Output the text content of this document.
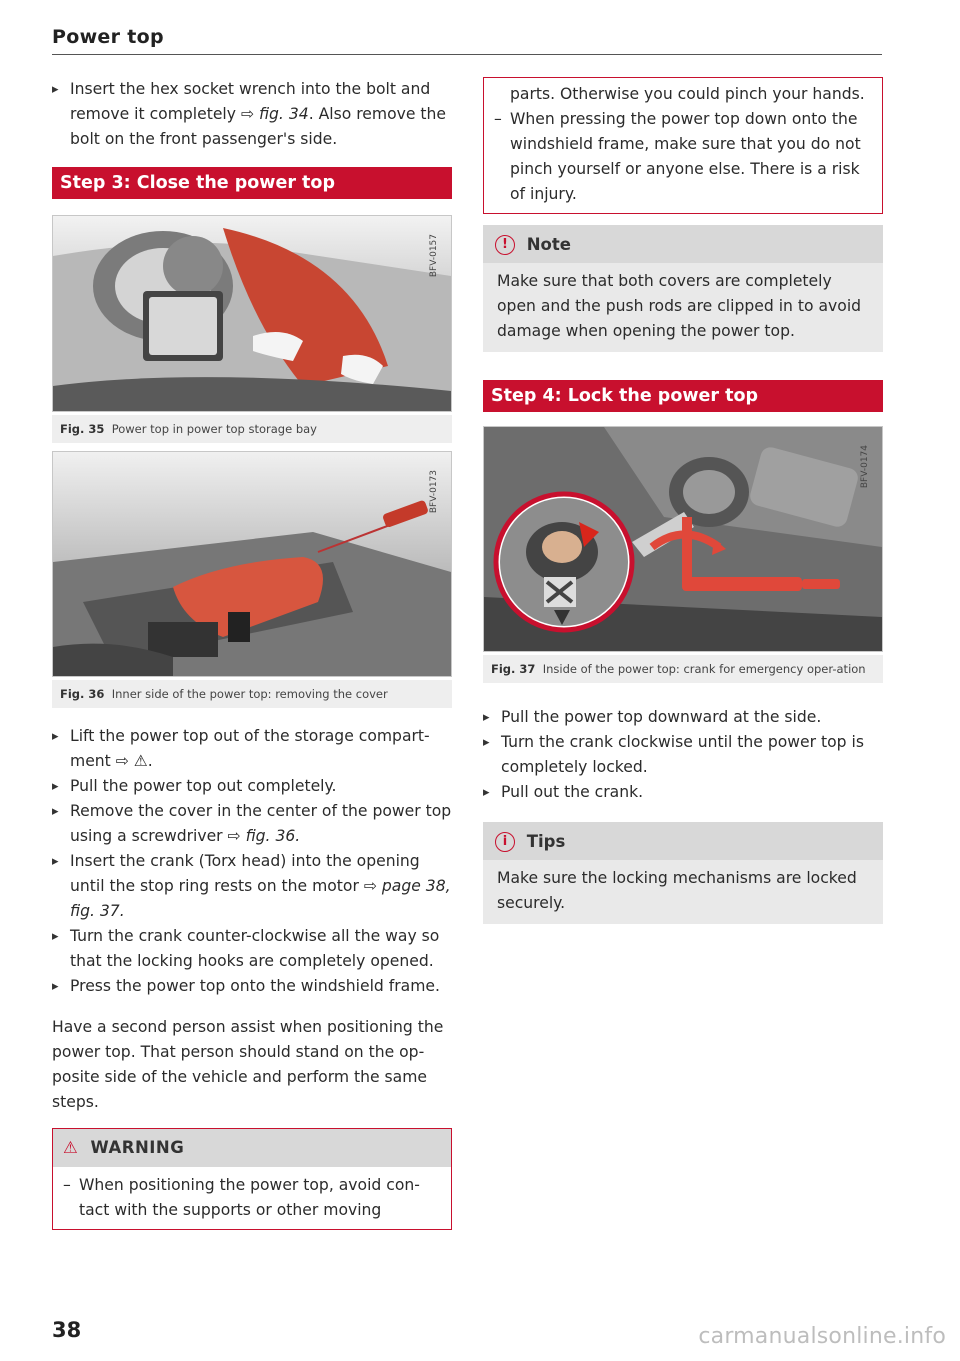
Power top
▸ Insert the hex socket wrench into the bolt and remove it completely ⇨ fig. 34. Also remove the bolt on the front passenger's side.
Step 3: Close the power top
BFV-0157
Fig. 35 Power top in power top storage bay
BFV-0173
Fig. 36 Inner side of the power top: removing the cover
▸ Lift the power top out of the storage compart-ment ⇨ ⚠.
▸ Pull the power top out completely.
▸ Remove the cover in the center of the power top using a screwdriver ⇨ fig. 36.
▸ Insert the crank (Torx head) into the opening until the stop ring rests on the motor ⇨ page 38, fig. 37.
▸ Turn the crank counter-clockwise all the way so that the locking hooks are completely opened.
▸ Press the power top onto the windshield frame.

Have a second person assist when positioning the power top. That person should stand on the op-posite side of the vehicle and perform the same steps.

⚠ WARNING
– When positioning the power top, avoid con-tact with the supports or other moving
parts. Otherwise you could pinch your hands.
– When pressing the power top down onto the windshield frame, make sure that you do not pinch yourself or anyone else. There is a risk of injury.
! Note
Make sure that both covers are completely open and the push rods are clipped in to avoid damage when opening the power top.
Step 4: Lock the power top
BFV-0174
Fig. 37 Inside of the power top: crank for emergency oper-ation
▸ Pull the power top downward at the side.
▸ Turn the crank clockwise until the power top is completely locked.
▸ Pull out the crank.
i Tips
Make sure the locking mechanisms are locked securely.
38	carmanualsonline.info
